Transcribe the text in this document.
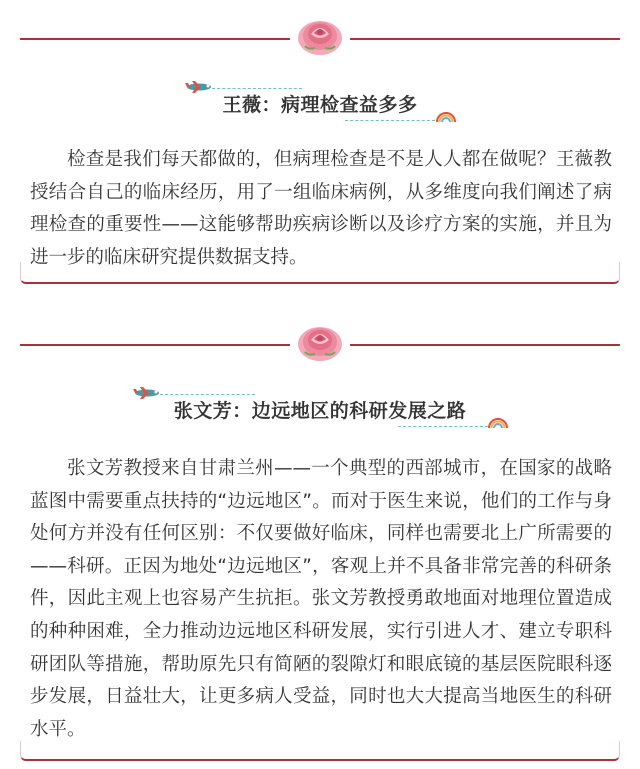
王薇：病理检查益多多

检查是我们每天都做的，但病理检查是不是人人都在做呢？王薇教授结合自己的临床经历，用了一组临床病例，从多维度向我们阐述了病理检查的重要性——这能够帮助疾病诊断以及诊疗方案的实施，并且为进一步的临床研究提供数据支持。

张文芳：边远地区的科研发展之路

张文芳教授来自甘肃兰州——一个典型的西部城市，在国家的战略蓝图中需要重点扶持的“边远地区”。而对于医生来说，他们的工作与身处何方并没有任何区别：不仅要做好临床，同样也需要北上广所需要的——科研。正因为地处“边远地区”，客观上并不具备非常完善的科研条件，因此主观上也容易产生抗拒。张文芳教授勇敢地面对地理位置造成的种种困难，全力推动边远地区科研发展，实行引进人才、建立专职科研团队等措施，帮助原先只有简陋的裂隙灯和眼底镜的基层医院眼科逐步发展，日益壮大，让更多病人受益，同时也大大提高当地医生的科研水平。
